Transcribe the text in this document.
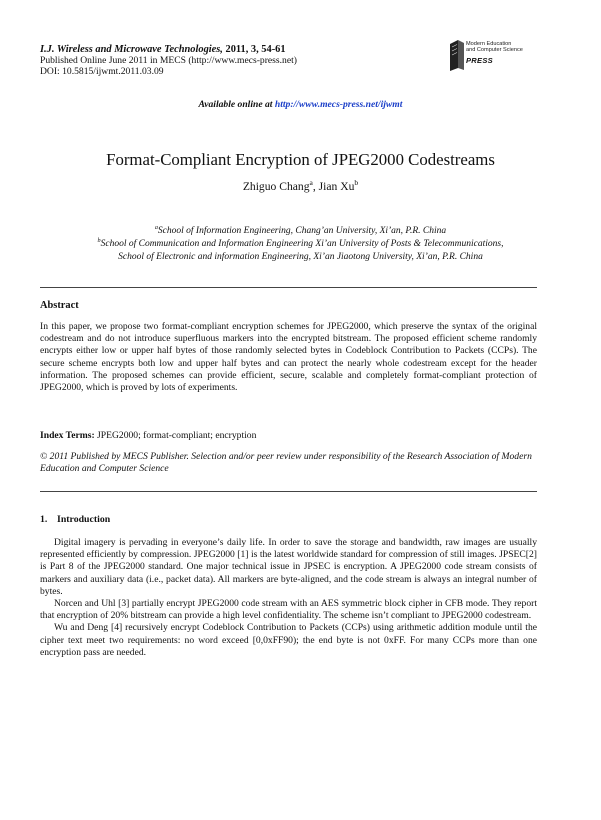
I.J. Wireless and Microwave Technologies, 2011, 3, 54-61
Published Online June 2011 in MECS (http://www.mecs-press.net)
DOI: 10.5815/ijwmt.2011.03.09
Modern Education
and Computer Science
PRESS
Available online at http://www.mecs-press.net/ijwmt
Format-Compliant Encryption of JPEG2000 Codestreams
Zhiguo Chang$^a$, Jian Xu$^b$
$^a$School of Information Engineering, Chang’an University, Xi’an, P.R. China
$^b$School of Communication and Information Engineering Xi’an University of Posts & Telecommunications,
School of Electronic and information Engineering, Xi’an Jiaotong University, Xi’an, P.R. China
Abstract
In this paper, we propose two format-compliant encryption schemes for JPEG2000, which preserve the syntax of the original codestream and do not introduce superfluous markers into the encrypted bitstream. The proposed efficient scheme randomly encrypts either low or upper half bytes of those randomly selected bytes in Codeblock Contribution to Packets (CCPs). The secure scheme encrypts both low and upper half bytes and can protect the nearly whole codestream except for the header information. The proposed schemes can provide efficient, secure, scalable and completely format-compliant protection of JPEG2000, which is proved by lots of experiments.
Index Terms: JPEG2000; format-compliant; encryption
© 2011 Published by MECS Publisher. Selection and/or peer review under responsibility of the Research Association of Modern Education and Computer Science
1. Introduction

Digital imagery is pervading in everyone’s daily life. In order to save the storage and bandwidth, raw images are usually represented efficiently by compression. JPEG2000 [1] is the latest worldwide standard for compression of still images. JPSEC[2] is Part 8 of the JPEG2000 standard. One major technical issue in JPSEC is encryption. A JPEG2000 code stream consists of markers and auxiliary data (i.e., packet data). All markers are byte-aligned, and the code stream is always an integral number of bytes.

Norcen and Uhl [3] partially encrypt JPEG2000 code stream with an AES symmetric block cipher in CFB mode. They report that encryption of 20% bitstream can provide a high level confidentiality. The scheme isn’t compliant to JPEG2000 codestream.

Wu and Deng [4] recursively encrypt Codeblock Contribution to Packets (CCPs) using arithmetic addition module until the cipher text meet two requirements: no word exceed [0,0xFF90); the end byte is not 0xFF. For many CCPs more than one encryption pass are needed.
